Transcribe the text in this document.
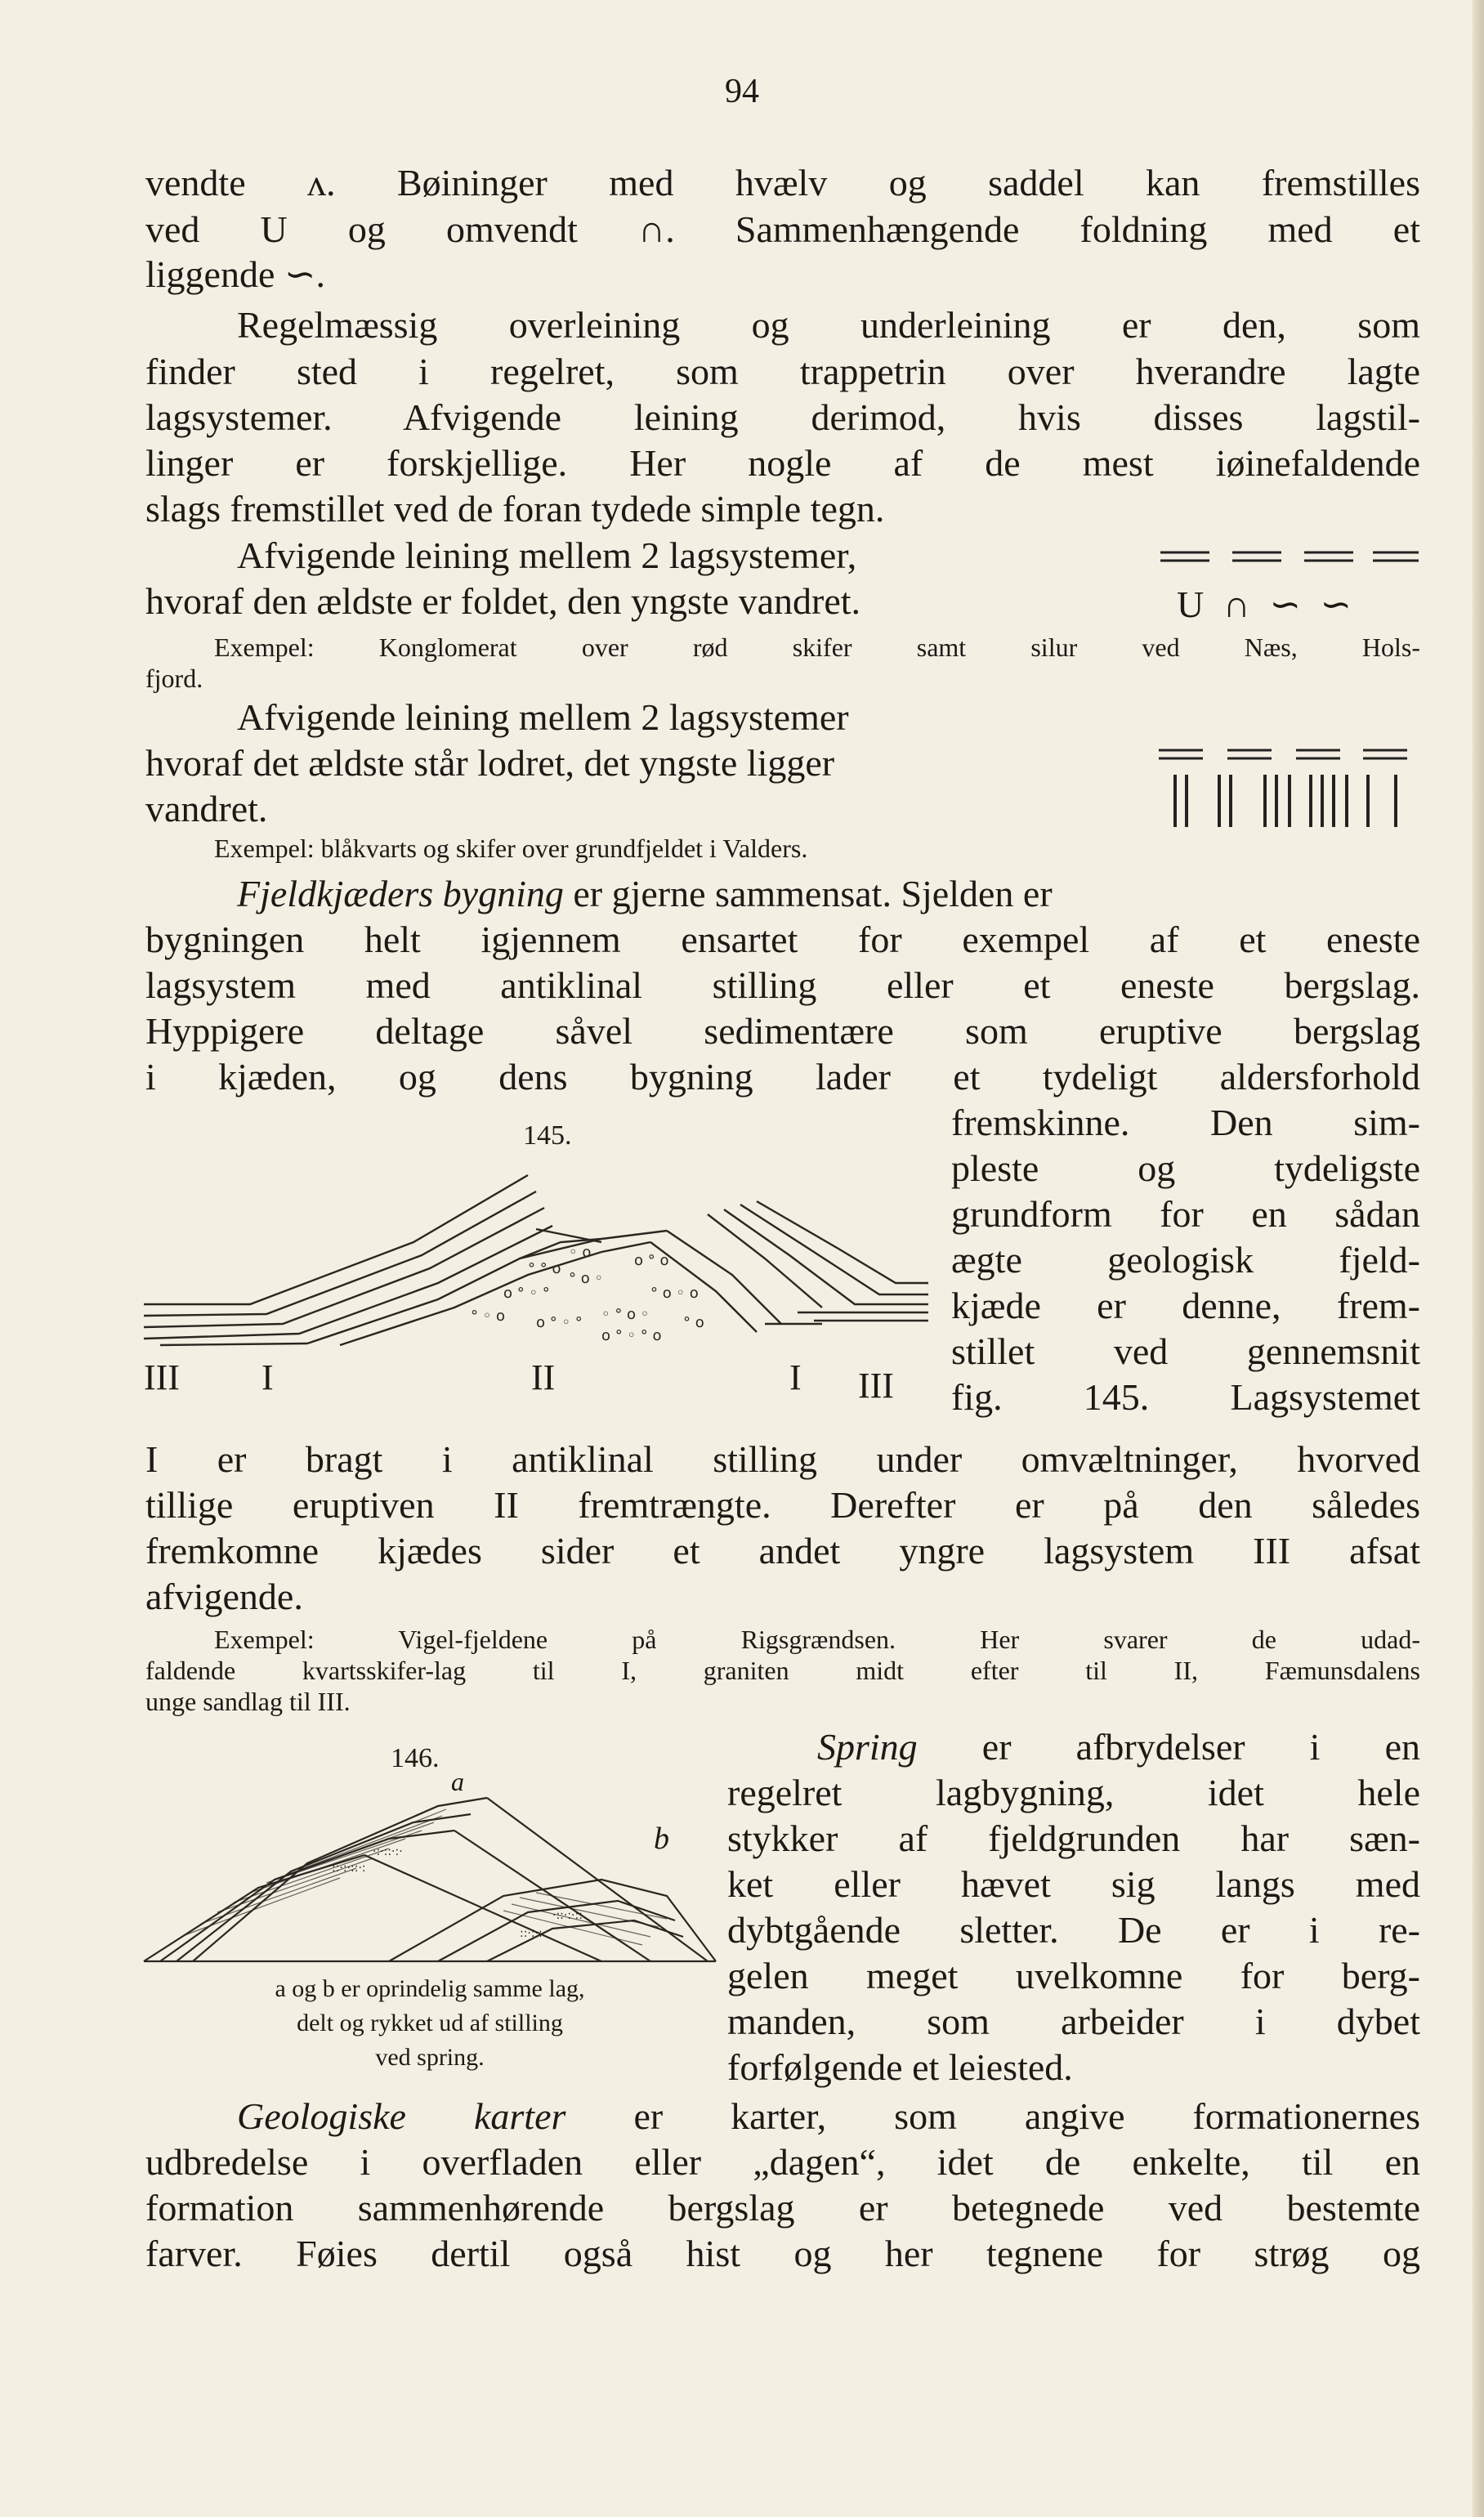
94
vendte ʌ. Bøininger med hvælv og saddel kan fremstilles
ved U og omvendt ∩. Sammenhængende foldning med et
liggende ∽.
Regelmæssig overleining og underleining er den, som
finder sted i regelret, som trappetrin over hverandre lagte
lagsystemer. Afvigende leining derimod, hvis disses lagstil-
linger er forskjellige. Her nogle af de mest iøinefaldende
slags fremstillet ved de foran tydede simple tegn.
Afvigende leining mellem 2 lagsystemer,
hvoraf den ældste er foldet, den yngste vandret.	U ∩ ∽ ∽
Exempel: Konglomerat over rød skifer samt silur ved Næs, Hols-
fjord.
Afvigende leining mellem 2 lagsystemer
hvoraf det ældste står lodret, det yngste ligger
vandret.
Exempel: blåkvarts og skifer over grundfjeldet i Valders.
Fjeldkjæders bygning er gjerne sammensat. Sjelden er
bygningen helt igjennem ensartet for exempel af et eneste
lagsystem med antiklinal stilling eller et eneste bergslag.
Hyppigere deltage såvel sedimentære som eruptive bergslag
i kjæden, og dens bygning lader et tydeligt aldersforhold
fremskinne. Den sim-
pleste og tydeligste
grundform for en sådan
ægte geologisk fjeld-
kjæde er denne, frem-
stillet ved gennemsnit
fig. 145. Lagsystemet
145.
° ° o
◦ o
o ° ◦ °
° o ◦
o ° o
° o ◦ o
° ◦ o o ° ◦ ° ◦ ° o ◦ ° o
o ° ◦ ° o
III I	II	I III
I er bragt i antiklinal stilling under omvæltninger, hvorved
tillige eruptiven II fremtrængte. Derefter er på den således
fremkomne kjædes sider et andet yngre lagsystem III afsat
afvigende.
Exempel: Vigel-fjeldene på Rigsgrændsen. Her svarer de udad-
faldende kvartsskifer-lag til I, graniten midt efter til II, Fæmunsdalens
unge sandlag til III.
146.
::·:·::·:
·:·::·:·
·::·:·::
::·:·:
a
b
a og b er oprindelig samme lag,
delt og rykket ud af stilling
ved spring.
Spring er afbrydelser i en
regelret lagbygning, idet hele
stykker af fjeldgrunden har sæn-
ket eller hævet sig langs med
dybtgående sletter. De er i re-
gelen meget uvelkomne for berg-
manden, som arbeider i dybet
forfølgende et leiested.
Geologiske karter er karter, som angive formationernes
udbredelse i overfladen eller „dagen“, idet de enkelte, til en
formation sammenhørende bergslag er betegnede ved bestemte
farver. Føies dertil også hist og her tegnene for strøg og
